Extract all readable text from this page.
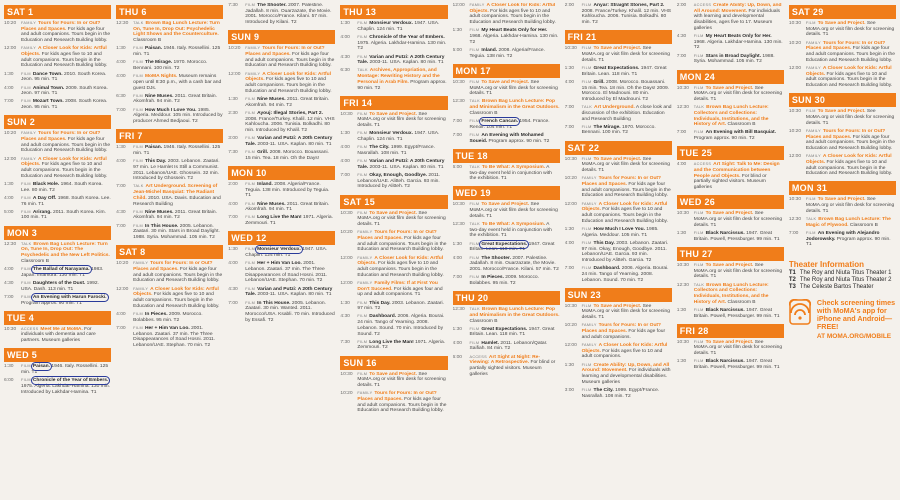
SAT 1
10:20	FAMILY Tours for Fours: In or Out? Places and Spaces. For kids age four and adult companions. Tours begin in the Education and Research Building lobby.
12:00	FAMILY A Closer Look for Kids: Artful Objects. For kids ages five to 10 and adult companions. Tours begin in the Education and Research Building lobby.
1:30	FILM Dance Town. 2010. South Korea. Jeon. 95 min. T1
4:00	FILM Animal Town. 2009. South Korea. Jeon. 97 min. T1
7:00	FILM Mozart Town. 2008. South Korea. Jeon. 95 min. T1
SUN 2
10:20	FAMILY Tours for Fours: In or Out? Places and Spaces. For kids age four and adult companions. Tours begin in the Education and Research Building lobby.
12:00	FAMILY A Closer Look for Kids: Artful Objects. For kids ages five to 10 and adult companions. Tours begin in the Education and Research Building lobby.
1:30	FILM Black Hole. 1964. South Korea. Lee. 80 min. T2
4:00	FILM A Day Off. 1968. South Korea. Lee. 76 min. T1
5:00	FILM Arirang. 2011. South Korea. Kim. 100 min. T1
MON 3
12:30	TALK Brown Bag Lunch Lecture: Turn On, Tune In, Drop Out: The Psychedelic and the New Left Politics. Classroom B
4:00	FILM The Ballad of Narayama. 1983. Japan. Imamura. 130 min. T1
4:30	FILM Daughters of the Dust. 1992. USA. Dash. 113 min. T1
7:00	FILM An Evening with Harun Farocki. Program approx. 90 min. T1
TUE 4
10:30	ACCESS Meet Me at MoMA. For individuals with dementia and care partners. Museum galleries
WED 5
1:30	FILM Paisan. 1946. Italy. Rossellini. 125 min. T1
6:00	FILM Chronicle of the Year of Embers. 1975. Algeria. Lakhdar-Hamina. 130 min. Introduced by Lakhdar-Hamina. T1
THU 6
12:30	TALK Brown Bag Lunch Lecture: Turn On, Tune In, Drop Out: Psychedelic Light Shows and the Counterculture. Classroom B
1:30	FILM Paisan. 1946. Italy. Rossellini. 125 min. T1
4:00	FILM The Mirage. 1970. Morocco. Bennani. 100 min. T2
4:00	FILM MoMA Nights. Museum remains open until 8:30 p.m., with a cash bar and guest DJs.
6:30	FILM Nine Muses. 2011. Great Britain. Akomfrah. 94 min. T2
7:00	FILM How Much I Love You. 1985. Algeria. Meddour. 105 min. Introduced by producer Ahmed Bedjaoui. T2
FRI 7
1:30	FILM Paisan. 1946. Italy. Rossellini. 125 min. T1
4:00	FILM This Day. 2003. Lebanon. Zaatari. 97 min. Le Hamlet Is Still a Communist. 2011. Lebanon/UAE. Ghossein. 32 min. Introduced by Ghossein. T2
7:00	TALK Art Underground. Screening of Jean-Michel Basquiat: The Radiant Child. 2010. USA. Davis. Education and Research Building
4:30	FILM Nine Muses. 2011. Great Britain. Akomfrah. 94 min. T2
7:00	FILM In This House. 2005. Lebanon. Zaatari. 30 min. Stars in Broad Daylight. 1988. Syria. Mohammad. 105 min. T2
SAT 8
10:20	FAMILY Tours for Fours: In or Out? Places and Spaces. For kids age four and adult companions. Tours begin in the Education and Research Building lobby.
12:00	FAMILY A Closer Look for Kids: Artful Objects. For kids ages five to 10 and adult companions. Tours begin in the Education and Research Building lobby.
4:00	FILM In Pieces. 2009. Morocco. Bolabbes. 95 min. T2
7:00	FILM Her + Him Van Loo. 2001. Lebanon. Zaatari. 37 min. The Three Disappearances of Soad Hosni. 2011. Lebanon/UAE. Stephan. 70 min. T2
7:30	FILM The Shooter. 2007. Palestine. Jadallah. 8 min. Ouarzazate, the Movie. 2001. Morocco/France. Kilani. 57 min. Introduced by Kilani. T2
SUN 9
10:20	FAMILY Tours for Fours: In or Out? Places and Spaces. For kids age four and adult companions. Tours begin in the Education and Research Building lobby.
12:00	FAMILY A Closer Look for Kids: Artful Objects. For kids ages five to 10 and adult companions. Tours begin in the Education and Research Building lobby.
1:30	FILM Nine Muses. 2011. Great Britain. Akomfrah. 94 min. T2
2:30	FILM Ayouj: Illegal Stories, Part 2. 2008. France/Turkey. Khalil. 12 min. VHS Kahloucha. 2006. Tunisia. Bolkadhi. 80 min. Introduced by Khalil. T2
3:00	FILM Varian and Putzi: A 20th Century Tale. 2003-11. USA. Kaplan. 80 min. T1
7:30	FILM Grill. 2008. Morocco. Bouassani. 15 min. Tea. 18 min. Oh the Days!
MON 10
2:00	FILM Inland. 2008. Algeria/France. Teguia. 138 min. Introduced by Teguia. T1
4:00	FILM Nine Muses. 2011. Great Britain. Akomfrah. 94 min. T1
7:00	FILM Long Live the Man! 1971. Algeria. Zemmouri. T1
WED 12
1:30	FILM Monsieur Verdoux. 1947. USA. Chaplin. 124 min. T1
4:00	FILM Her + Him Van Loo. 2001. Lebanon. Zaatari. 37 min. The Three Disappearances of Soad Hosni. 2011. Lebanon/UAE. Stephan. 70 min. T2
4:30	FILM Varian and Putzi: A 20th Century Tale. 2003-11. USA. Kaplan. 80 min. T1
7:00	FILM In This House. 2005. Lebanon. Zaatari. 30 min. Wanted. 2011. Morocco/USA. Ksabli. 70 min. Introduced by Essafi. T2
THU 13
1:30	FILM Monsieur Verdoux. 1947. USA. Chaplin. 124 min. T1
4:00	FILM Chronicle of the Year of Embers. 1975. Algeria. Lakhdar-Hamina. 130 min. T2
4:30	FILM Varian and Putzi: A 20th Century Tale. 2003-11. USA. Kaplan. 80 min. T1
6:30	TALK Archives, Appropriation, and Montage: Rewriting History and the Personal in Arab Film. Program approx. 90 min. T2
FRI 14
10:30	FILM To Save and Project. See MoMA.org or visit film desk for screening details. T1
1:30	FILM Monsieur Verdoux. 1947. USA. Chaplin. 124 min. T1
4:00	FILM The City. 1999. Egypt/France. Nasrallah. 108 min. T1
4:00	FILM Varian and Putzi: A 20th Century Tale. 2003-11. USA. Kaplan. 80 min. T1
7:00	FILM Okay, Enough, Goodbye. 2011. Lebanon/UAE. Alitteh. Garcia. 93 min. Introduced by Alitteh. T2
SAT 15
10:30	FILM To Save and Project. See MoMA.org or visit film desk for screening details. T1
10:20	FAMILY Tours for Fours: In or Out? Places and Spaces. For kids age four and adult companions. Tours begin in the Education and Research Building lobby.
12:00	FAMILY A Closer Look for Kids: Artful Objects. For kids ages five to 10 and adult companions. Tours begin in the Education and Research Building lobby.
12:00	FAMILY Family Films: If at First You Don't Succeed. For kids ages four and up and adult companions. T1
1:30	FILM This Day. 2003. Lebanon. Zaatari. 97 min. T2
4:30	FILM Dashboard. 2006. Algeria. Bourai. 24 min. Tango of Yearning. 2008. Lebanon. Sound. 70 min. Introduced by Sound. T2
7:30	FILM Long Live the Man! 1971. Algeria. Zemmouri. T2
SUN 16
10:30	FILM To Save and Project. See MoMA.org or visit film desk for screening details. T1
10:20	FAMILY Tours for Fours: In or Out? Places and Spaces. For kids age four and adult companions. Tours begin in the Education and Research Building lobby.
12:00	FAMILY A Closer Look for Kids: Artful Objects. For kids ages five to 10 and adult companions. Tours begin in the Education and Research Building lobby.
1:30	FILM My Heart Beats Only for Her. 1968. Algeria. Lakhdar-Hamina. 130 min. T2
5:00	FILM Inland. 2008. Algeria/France. Teguia. 138 min. T2
MON 17
10:30	FILM To Save and Project. See MoMA.org or visit film desk for screening details. T1
12:30	TALK Brown Bag Lunch Lecture: Pop and Minimalism in the Great Outdoors. Classroom B
7:00	FILM French Cancan. 1954. France. Renoir. 104 min. T1
7:00	FILM An Evening with Mohamed Soueid. Program approx. 90 min. T2
TUE 18
6:00	TALK To Be What: A Symposium. A two-day event held in conjunction with the exhibition. T1
WED 19
10:30	FILM To Save and Project. See MoMA.org or visit film desk for screening details. T1
12:30	TALK To Be What: A Symposium. A two-day event held in conjunction with the exhibition. T1
1:30	FILM Great Expectations. 1947. Great Britain. Lean. 118 min. T1
4:00	FILM The Shooter. 2007. Palestine. Jadallah. 8 min. Ouarzazate, the Movie. 2001. Morocco/France. Kilani. 57 min. T2
7:00	FILM In Pieces. 2009. Morocco. Bolabbes. 95 min. T2
THU 20
12:30	TALK Brown Bag Lunch Lecture: Pop and Minimalism in the Great Outdoors. Classroom B
1:30	FILM Great Expectations. 1947. Great Britain. Lean. 118 min. T1
4:00	FILM Hamlet. 2011. Lebanon/Qatar. Saifiah. 84 min. T2
6:00	ACCESS Art Sight at Night: Re-Viewing: A Retrospective. For blind or partially sighted visitors. Museum galleries
2:00	FILM Anyar: Straight Stories, Part 2. 2008. France/Turkey. Khalil. 12 min. VHS Kahloucha. 2006. Tunisia. Bolkadhi. 80 min. T2
FRI 21
10:30	FILM To Save and Project. See MoMA.org or visit film desk for screening details. T1
1:30	FILM Great Expectations. 1947. Great Britain. Lean. 118 min. T1
4:00	FILM Grill. 2008. Morocco. Bouassani. 15 min. Tea. 18 min. Oh the Days! 2009. Morocco. El Madnouni. 80 min. Introduced by El Madnouni. T2
7:00	TALK Art Underground. A close look and discussion of the exhibition. Education and Research Building
7:00	FILM The Mirage. 1970. Morocco. Bennani. 100 min. T2
SAT 22
10:30	FILM To Save and Project. See MoMA.org or visit film desk for screening details. T1
10:20	FAMILY Tours for Fours: In or Out? Places and Spaces. For kids age four and adult companions. Tours begin in the Education and Research Building lobby.
12:00	FAMILY A Closer Look for Kids: Artful Objects. For kids ages five to 10 and adult companions. Tours begin in the Education and Research Building lobby.
1:30	FILM How Much I Love You. 1985. Algeria. Meddour. 105 min. T1
4:00	FILM This Day. 2003. Lebanon. Zaatari. 97 min. Okay, Enough, Goodbye. 2011. Lebanon/UAE. Garcia. 93 min. Introduced by Alitteh. Garcia. T2
7:00	FILM Dashboard. 2006. Algeria. Bourai. 24 min. Tango of Yearning. 2008. Lebanon. Sound. 70 min. T2
SUN 23
10:30	FILM To Save and Project. See MoMA.org or visit film desk for screening details. T1
10:20	FAMILY Tours for Fours: In or Out? Places and Spaces. For kids age four and adult companions.
12:00	FAMILY A Closer Look for Kids: Artful Objects. For kids ages five to 10 and adult companions.
1:30	FILM Create Ability: Up, Down, and All Around: Movement. For individuals with learning and developmental disabilities. Museum galleries
3:00	FILM The City. 1999. Egypt/France. Nasrallah. 108 min. T2
2:00	ACCESS Create Ability: Up, Down, and All Around: Movement. For individuals with learning and developmental disabilities, ages five to 17. Museum galleries
4:30	FILM My Heart Beats Only for Her. 1968. Algeria. Lakhdar-Hamina. 130 min. T2
7:00	FILM Stars in Broad Daylight. 1988. Syria. Mohammad. 105 min. T2
MON 24
10:30	FILM To Save and Project. See MoMA.org or visit film desk for screening details. T1
12:30	TALK Brown Bag Lunch Lecture: Collectors and Collections: Individuals, Institutions, and the History of Art. Classroom B
7:00	FILM An Evening with Bill Basquiat. Program approx. 90 min. T2
TUE 25
4:00	ACCESS Art Sight: Talk to Me: Design and the Communication between People and Objects. For blind or partially sighted visitors. Museum galleries
WED 26
10:30	FILM To Save and Project. See MoMA.org or visit film desk for screening details. T1
1:30	FILM Black Narcissus. 1947. Great Britain. Powell, Pressburger. 99 min. T1
THU 27
10:30	FILM To Save and Project. See MoMA.org or visit film desk for screening details. T1
12:30	TALK Brown Bag Lunch Lecture: Collectors and Collections: Individuals, Institutions, and the History of Art. Classroom B
1:30	FILM Black Narcissus. 1947. Great Britain. Powell, Pressburger. 99 min. T1
FRI 28
10:30	FILM To Save and Project. See MoMA.org or visit film desk for screening details. T1
1:30	FILM Black Narcissus. 1947. Great Britain. Powell, Pressburger. 99 min. T1
SAT 29
10:30	FILM To Save and Project. See MoMA.org or visit film desk for screening details. T1
10:20	FAMILY Tours for Fours: In or Out? Places and Spaces. For kids age four and adult companions. Tours begin in the Education and Research Building lobby.
12:00	FAMILY A Closer Look for Kids: Artful Objects. For kids ages five to 10 and adult companions. Tours begin in the Education and Research Building lobby.
SUN 30
10:30	FILM To Save and Project. See MoMA.org or visit film desk for screening details. T1
10:20	FAMILY Tours for Fours: In or Out? Places and Spaces. For kids age four and adult companions. Tours begin in the Education and Research Building lobby.
12:00	FAMILY A Closer Look for Kids: Artful Objects. For kids ages five to 10 and adult companions. Tours begin in the Education and Research Building lobby.
MON 31
10:30	FILM To Save and Project. See MoMA.org or visit film desk for screening details. T1
12:30	TALK Brown Bag Lunch Lecture: The Magic of Plywood. Classroom B
7:00	FILM An Evening with Alejandro Jodorowsky. Program approx. 90 min. T1
Theater Information
T1 The Roy and Niuta Titus Theater 1
T2 The Roy and Niuta Titus Theater 2
T3 The Celeste Bartos Theater
Check screening times with MoMA's app for iPhone and Android—FREE!
AT MOMA.ORG/MOBILE
